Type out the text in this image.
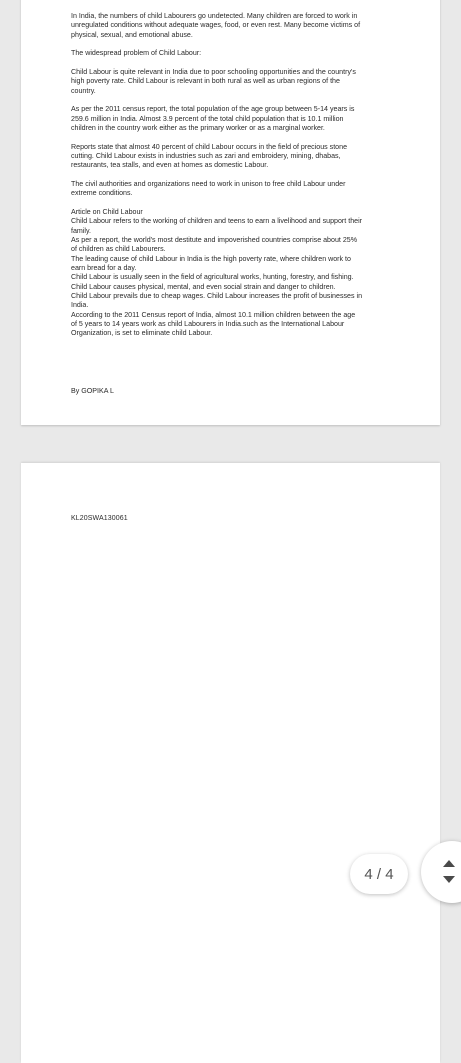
In India, the numbers of child Labourers go undetected. Many children are forced to work in
unregulated conditions without adequate wages, food, or even rest. Many become victims of
physical, sexual, and emotional abuse.
The widespread problem of Child Labour:
Child Labour is quite relevant in India due to poor schooling opportunities and the country's
high poverty rate. Child Labour is relevant in both rural as well as urban regions of the
country.
As per the 2011 census report, the total population of the age group between 5-14 years is
259.6 million in India. Almost 3.9 percent of the total child population that is 10.1 million
children in the country work either as the primary worker or as a marginal worker.
Reports state that almost 40 percent of child Labour occurs in the field of precious stone
cutting. Child Labour exists in industries such as zari and embroidery, mining, dhabas,
restaurants, tea stalls, and even at homes as domestic Labour.
The civil authorities and organizations need to work in unison to free child Labour under
extreme conditions.
Article on Child Labour
Child Labour refers to the working of children and teens to earn a livelihood and support their
family.
As per a report, the world's most destitute and impoverished countries comprise about 25%
of children as child Labourers.
The leading cause of child Labour in India is the high poverty rate, where children work to
earn bread for a day.
Child Labour is usually seen in the field of agricultural works, hunting, forestry, and fishing.
Child Labour causes physical, mental, and even social strain and danger to children.
Child Labour prevails due to cheap wages. Child Labour increases the profit of businesses in
India.
According to the 2011 Census report of India, almost 10.1 million children between the age
of 5 years to 14 years work as child Labourers in India.such as the International Labour
Organization, is set to eliminate child Labour.
By GOPIKA L
KL20SWA130061
4 / 4
